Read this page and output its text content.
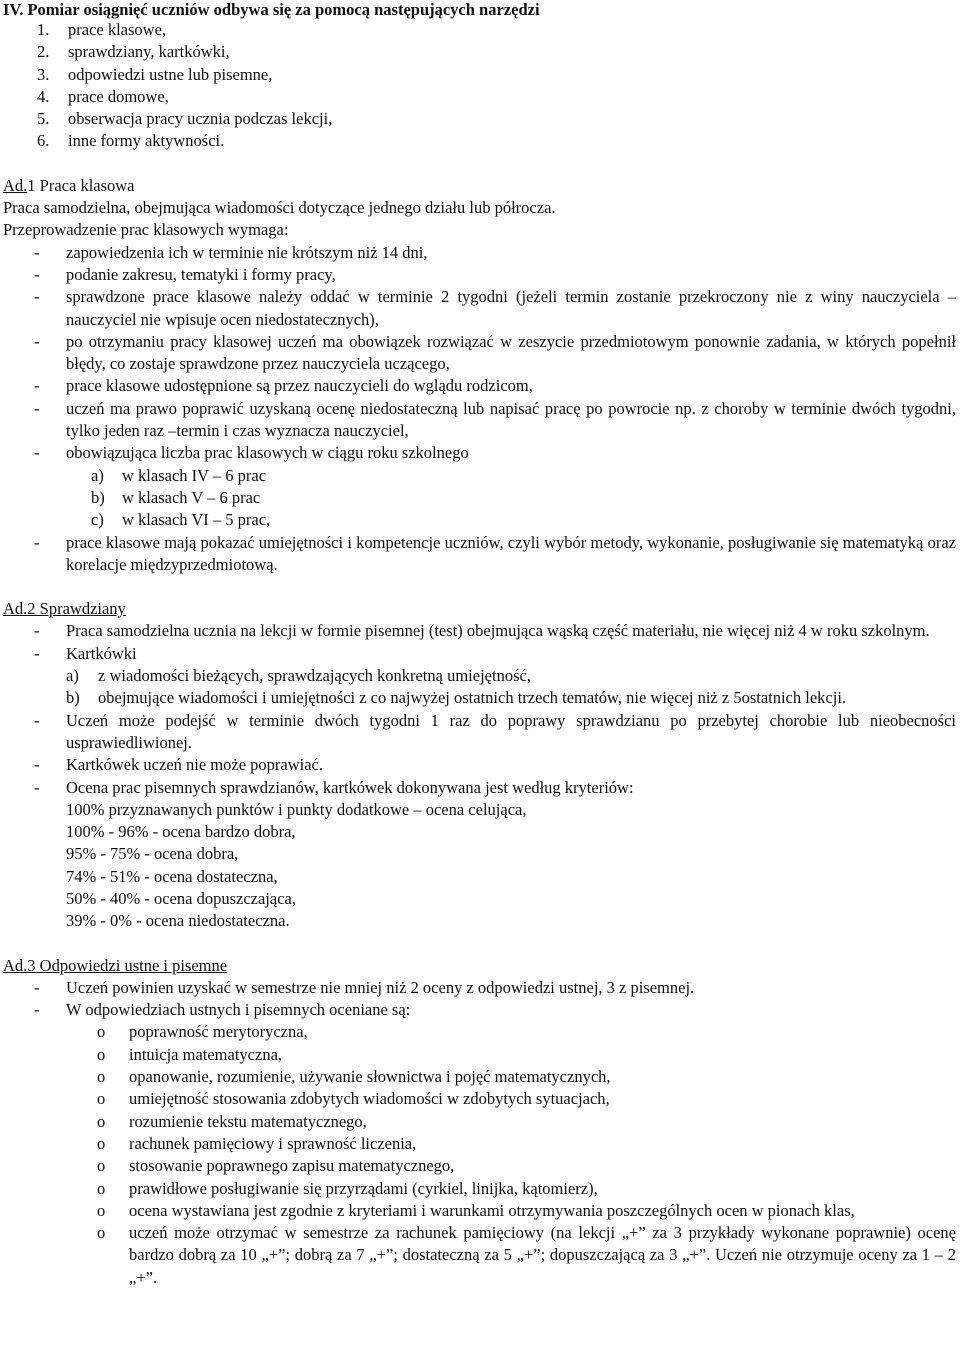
IV. Pomiar osiągnięć uczniów odbywa się za pomocą następujących narzędzi

1.	prace klasowe,
2.	sprawdziany, kartkówki,
3.	odpowiedzi ustne lub pisemne,
4.	prace domowe,
5.	obserwacja pracy ucznia podczas lekcji,
6.	inne formy aktywności.

Ad.1 Praca klasowa

Praca samodzielna, obejmująca wiadomości dotyczące jednego działu lub półrocza.

Przeprowadzenie prac klasowych wymaga:

- zapowiedzenia ich w terminie nie krótszym niż 14 dni,
- podanie zakresu, tematyki i formy pracy,
- sprawdzone prace klasowe należy oddać w terminie 2 tygodni (jeżeli termin zostanie przekroczony nie z winy nauczyciela – nauczyciel nie wpisuje ocen niedostatecznych),
- po otrzymaniu pracy klasowej uczeń ma obowiązek rozwiązać w zeszycie przedmiotowym ponownie zadania, w których popełnił błędy, co zostaje sprawdzone przez nauczyciela uczącego,
- prace klasowe udostępnione są przez nauczycieli do wglądu rodzicom,
- uczeń ma prawo poprawić uzyskaną ocenę niedostateczną lub napisać pracę po powrocie np. z choroby w terminie dwóch tygodni, tylko jeden raz –termin i czas wyznacza nauczyciel,
- obowiązująca liczba prac klasowych w ciągu roku szkolnego
a) w klasach IV – 6 prac
b) w klasach V – 6 prac
c) w klasach VI – 5 prac,
- prace klasowe mają pokazać umiejętności i kompetencje uczniów, czyli wybór metody, wykonanie, posługiwanie się matematyką oraz korelacje międzyprzedmiotową.

Ad.2 Sprawdziany

- Praca samodzielna ucznia na lekcji w formie pisemnej (test) obejmująca wąską część materiału, nie więcej niż 4 w roku szkolnym.
- Kartkówki
a) z wiadomości bieżących, sprawdzających konkretną umiejętność,
b) obejmujące wiadomości i umiejętności z co najwyżej ostatnich trzech tematów, nie więcej niż z 5ostatnich lekcji.
- Uczeń może podejść w terminie dwóch tygodni 1 raz do poprawy sprawdzianu po przebytej chorobie lub nieobecności usprawiedliwionej.
- Kartkówek uczeń nie może poprawiać.
- Ocena prac pisemnych sprawdzianów, kartkówek dokonywana jest według kryteriów:
100% przyznawanych punktów i punkty dodatkowe – ocena celująca,
100% - 96% - ocena bardzo dobra,
95% - 75% - ocena dobra,
74% - 51% - ocena dostateczna,
50% - 40% - ocena dopuszczająca,
39% - 0% - ocena niedostateczna.

Ad.3 Odpowiedzi ustne i pisemne

- Uczeń powinien uzyskać w semestrze nie mniej niż 2 oceny z odpowiedzi ustnej, 3 z pisemnej.
- W odpowiedziach ustnych i pisemnych oceniane są:
o poprawność merytoryczna,
o intuicja matematyczna,
o opanowanie, rozumienie, używanie słownictwa i pojęć matematycznych,
o umiejętność stosowania zdobytych wiadomości w zdobytych sytuacjach,
o rozumienie tekstu matematycznego,
o rachunek pamięciowy i sprawność liczenia,
o stosowanie poprawnego zapisu matematycznego,
o prawidłowe posługiwanie się przyrządami (cyrkiel, linijka, kątomierz),
o ocena wystawiana jest zgodnie z kryteriami i warunkami otrzymywania poszczególnych ocen w pionach klas,
o uczeń może otrzymać w semestrze za rachunek pamięciowy (na lekcji „+” za 3 przykłady wykonane poprawnie) ocenę bardzo dobrą za 10 „+”; dobrą za 7 „+”; dostateczną za 5 „+”; dopuszczającą za 3 „+”. Uczeń nie otrzymuje oceny za 1 – 2 „+”.
